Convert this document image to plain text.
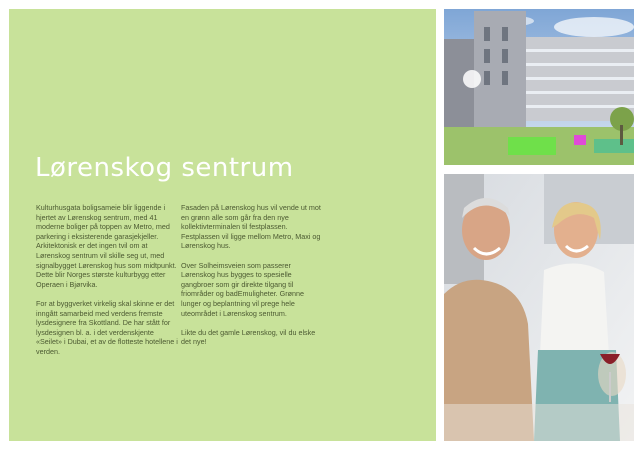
Lørenskog sentrum

Kulturhusgata boligsameie blir liggende i hjertet av Lørenskog sentrum, med 41 moderne boliger på toppen av Metro, med parkering i eksisterende garasjekjeller. Arkitektonisk er det ingen tvil om at Lørenskog sentrum vil skille seg ut, med signalbygget Lørenskog hus som midtpunkt. Dette blir Norges største kulturbygg etter Operaen i Bjørvika.

For at byggverket virkelig skal skinne er det inngått samarbeid med verdens fremste lysdesignere fra Skottland. De har stått for lysdesignen bl. a. i det verdenskjente «Seilet» i Dubai, et av de flotteste hotellene i verden.

Fasaden på Lørenskog hus vil vende ut mot en grønn alle som går fra den nye kollektivterminalen til festplassen. Festplassen vil ligge mellom Metro, Maxi og Lørenskog hus.

Over Solheimsveien som passerer Lørenskog hus bygges to spesielle gangbroer som gir direkte tilgang til friområder og badEmuligheter. Grønne lunger og beplantning vil prege hele uteområdet i Lørenskog sentrum.

Likte du det gamle Lørenskog, vil du elske det nye!
